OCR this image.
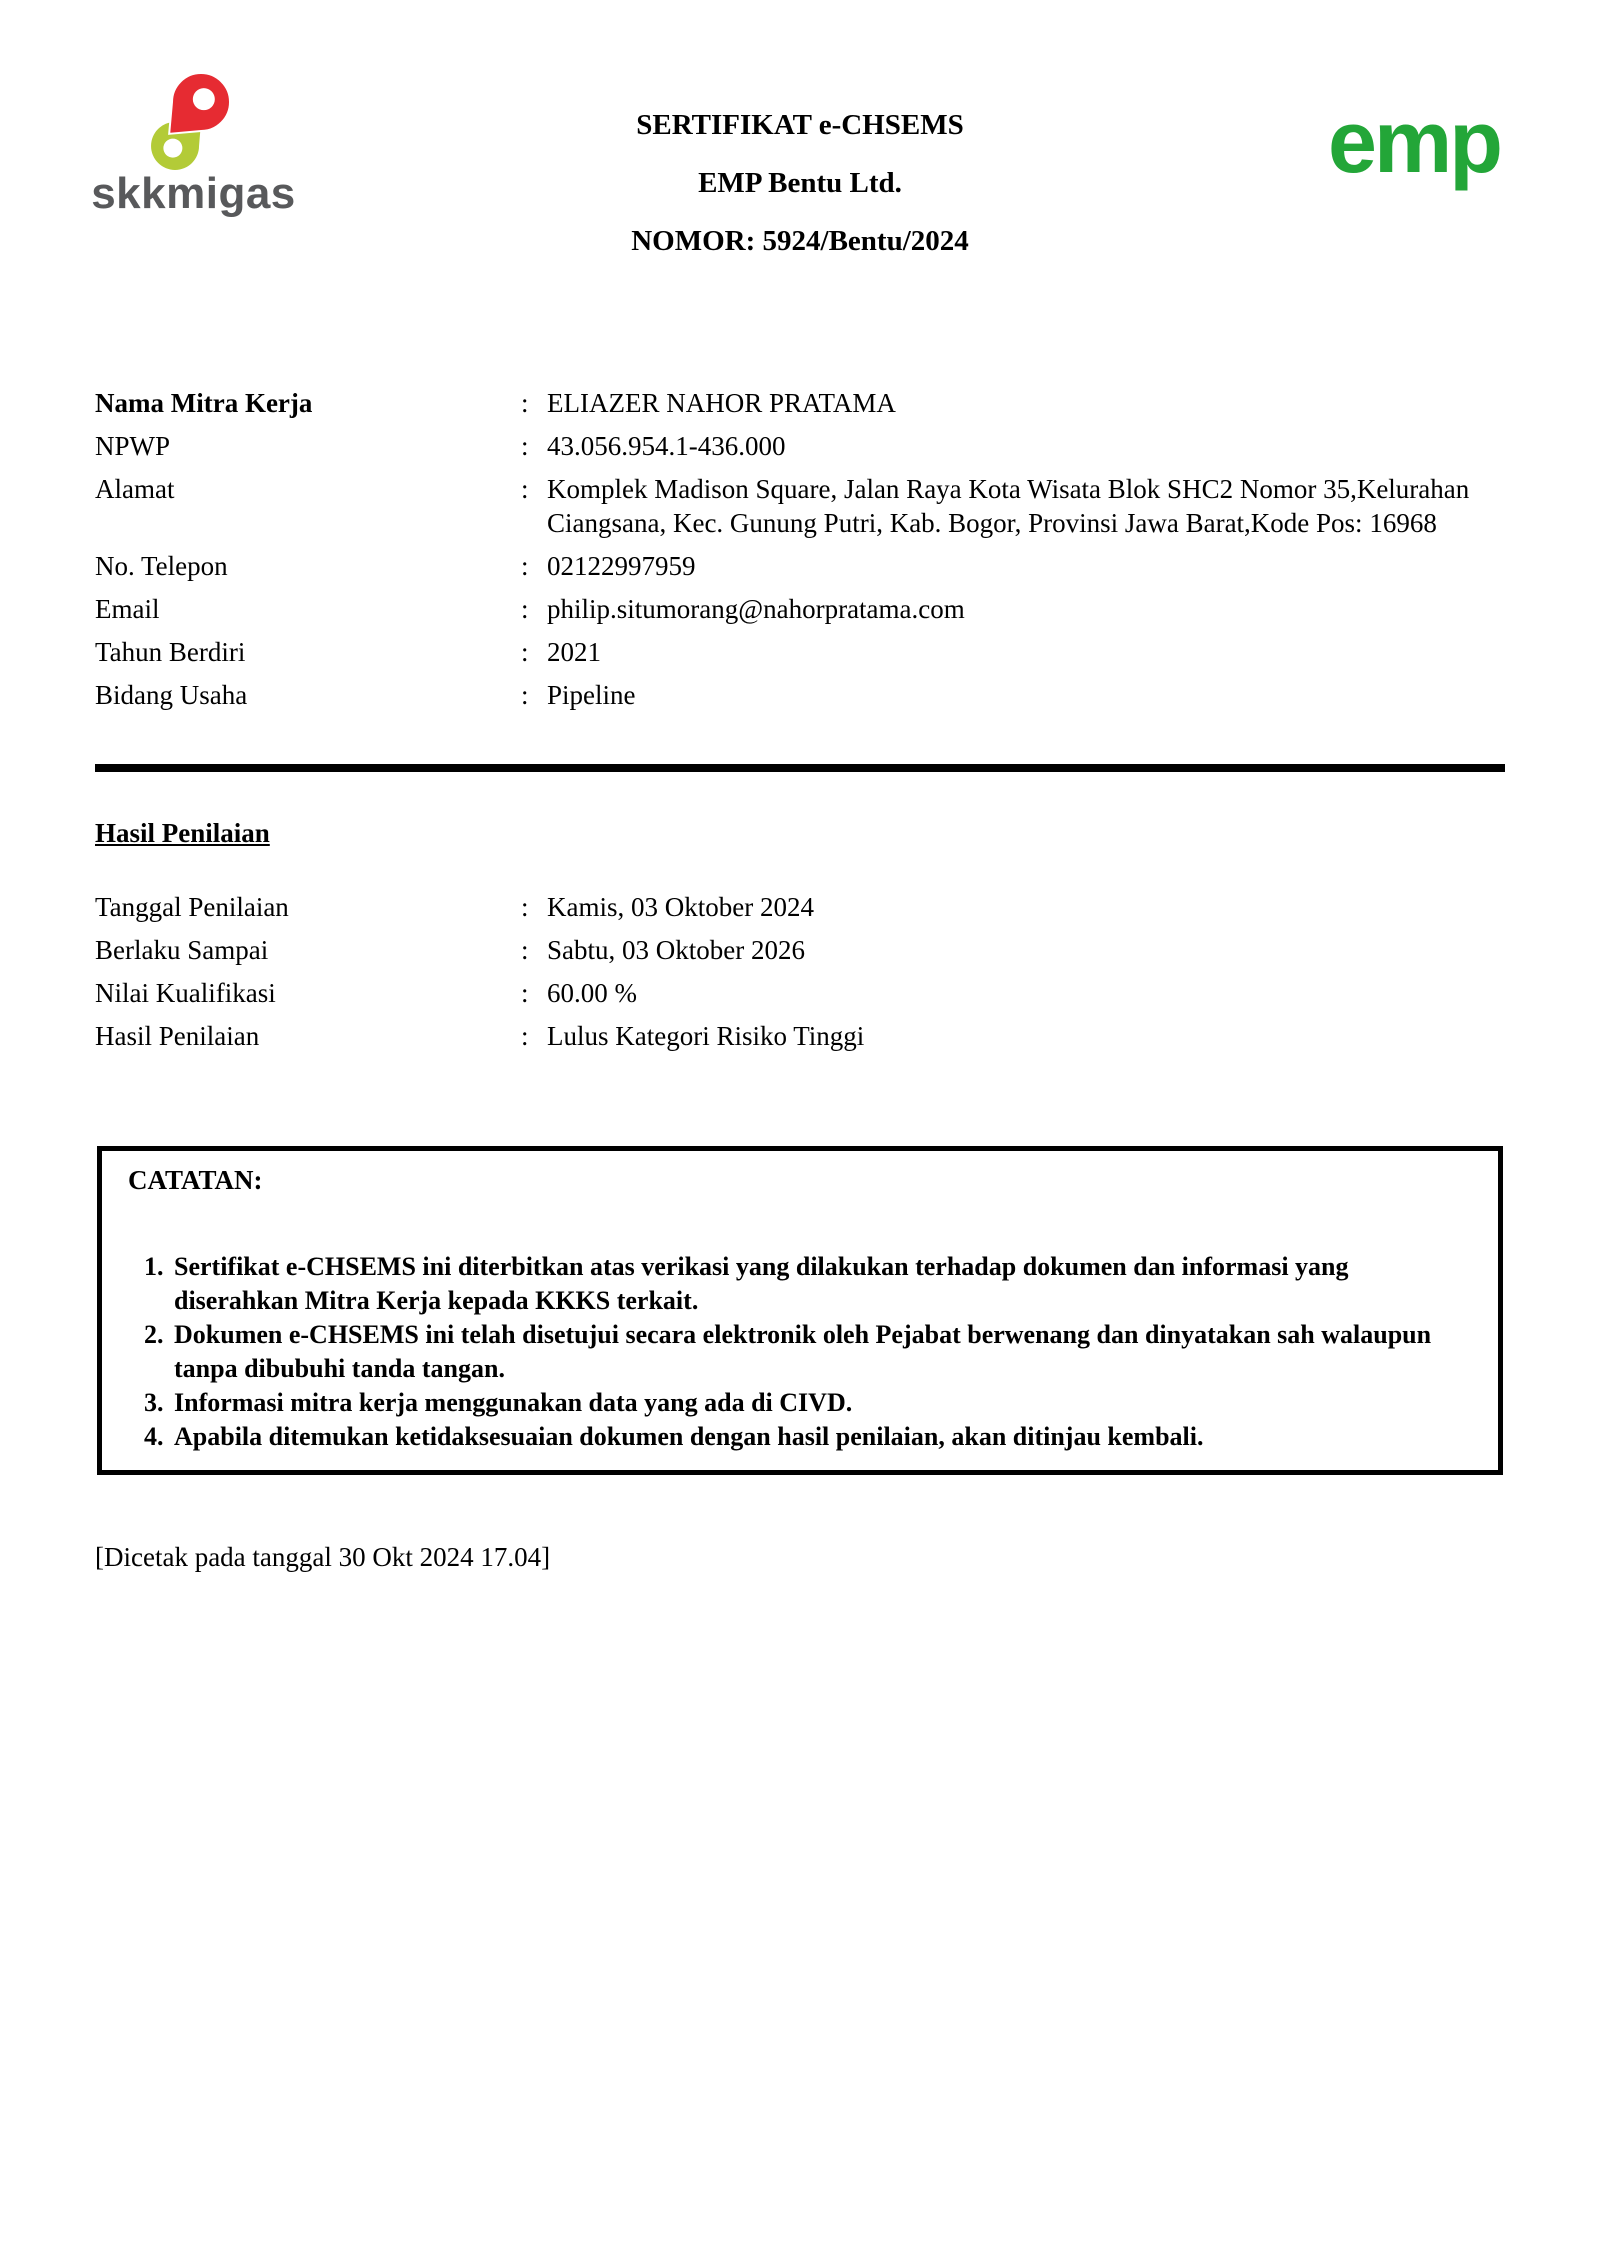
skkmigas
SERTIFIKAT e-CHSEMS
EMP Bentu Ltd.
NOMOR: 5924/Bentu/2024
emp
Nama Mitra Kerja	: ELIAZER NAHOR PRATAMA
NPWP	: 43.056.954.1-436.000
Alamat	: Komplek Madison Square, Jalan Raya Kota Wisata Blok SHC2 Nomor 35,Kelurahan Ciangsana, Kec. Gunung Putri, Kab. Bogor, Provinsi Jawa Barat,Kode Pos: 16968
No. Telepon	: 02122997959
Email	: philip.situmorang@nahorpratama.com
Tahun Berdiri	: 2021
Bidang Usaha	: Pipeline
Hasil Penilaian
Tanggal Penilaian	: Kamis, 03 Oktober 2024
Berlaku Sampai	: Sabtu, 03 Oktober 2026
Nilai Kualifikasi	: 60.00 %
Hasil Penilaian	: Lulus Kategori Risiko Tinggi
CATATAN:
1. Sertifikat e-CHSEMS ini diterbitkan atas verikasi yang dilakukan terhadap dokumen dan informasi yang diserahkan Mitra Kerja kepada KKKS terkait.
2. Dokumen e-CHSEMS ini telah disetujui secara elektronik oleh Pejabat berwenang dan dinyatakan sah walaupun tanpa dibubuhi tanda tangan.
3. Informasi mitra kerja menggunakan data yang ada di CIVD.
4. Apabila ditemukan ketidaksesuaian dokumen dengan hasil penilaian, akan ditinjau kembali.
[Dicetak pada tanggal 30 Okt 2024 17.04]
